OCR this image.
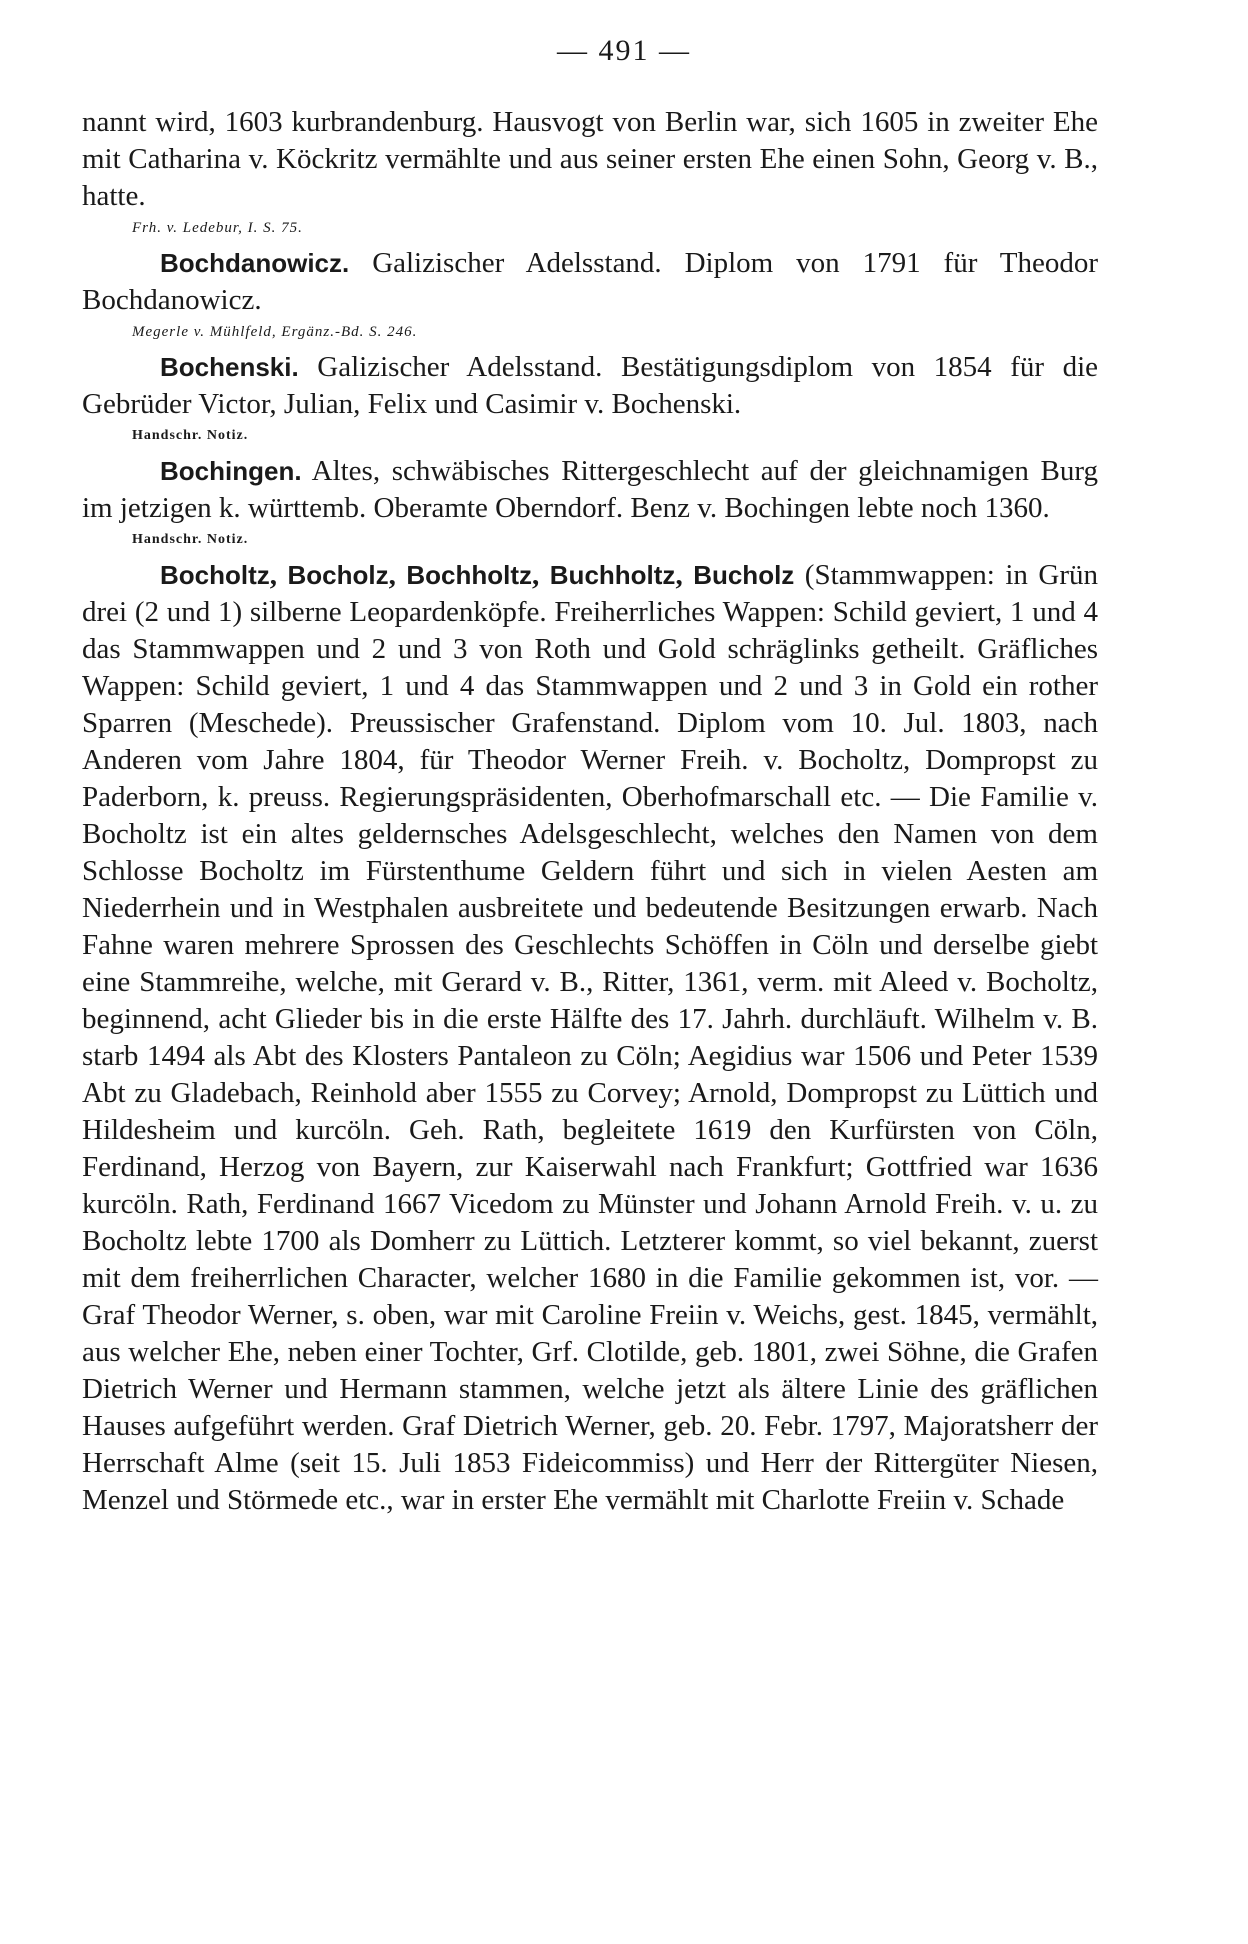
— 491 —

nannt wird, 1603 kurbrandenburg. Hausvogt von Berlin war, sich 1605 in zweiter Ehe mit Catharina v. Köckritz vermählte und aus seiner ersten Ehe einen Sohn, Georg v. B., hatte.

Frh. v. Ledebur, I. S. 75.

Bochdanowicz. Galizischer Adelsstand. Diplom von 1791 für Theodor Bochdanowicz.

Megerle v. Mühlfeld, Ergänz.-Bd. S. 246.

Bochenski. Galizischer Adelsstand. Bestätigungsdiplom von 1854 für die Gebrüder Victor, Julian, Felix und Casimir v. Bochenski.

Handschr. Notiz.

Bochingen. Altes, schwäbisches Rittergeschlecht auf der gleichnamigen Burg im jetzigen k. württemb. Oberamte Oberndorf. Benz v. Bochingen lebte noch 1360.

Handschr. Notiz.

Bocholtz, Bocholz, Bochholtz, Buchholtz, Bucholz (Stammwappen: in Grün drei (2 und 1) silberne Leopardenköpfe. Freiherrliches Wappen: Schild geviert, 1 und 4 das Stammwappen und 2 und 3 von Roth und Gold schräglinks getheilt. Gräfliches Wappen: Schild geviert, 1 und 4 das Stammwappen und 2 und 3 in Gold ein rother Sparren (Meschede). Preussischer Grafenstand. Diplom vom 10. Jul. 1803, nach Anderen vom Jahre 1804, für Theodor Werner Freih. v. Bocholtz, Dompropst zu Paderborn, k. preuss. Regierungspräsidenten, Oberhofmarschall etc. — Die Familie v. Bocholtz ist ein altes geldernsches Adelsgeschlecht, welches den Namen von dem Schlosse Bocholtz im Fürstenthume Geldern führt und sich in vielen Aesten am Niederrhein und in Westphalen ausbreitete und bedeutende Besitzungen erwarb. Nach Fahne waren mehrere Sprossen des Geschlechts Schöffen in Cöln und derselbe giebt eine Stammreihe, welche, mit Gerard v. B., Ritter, 1361, verm. mit Aleed v. Bocholtz, beginnend, acht Glieder bis in die erste Hälfte des 17. Jahrh. durchläuft. Wilhelm v. B. starb 1494 als Abt des Klosters Pantaleon zu Cöln; Aegidius war 1506 und Peter 1539 Abt zu Gladebach, Reinhold aber 1555 zu Corvey; Arnold, Dompropst zu Lüttich und Hildesheim und kurcöln. Geh. Rath, begleitete 1619 den Kurfürsten von Cöln, Ferdinand, Herzog von Bayern, zur Kaiserwahl nach Frankfurt; Gottfried war 1636 kurcöln. Rath, Ferdinand 1667 Vicedom zu Münster und Johann Arnold Freih. v. u. zu Bocholtz lebte 1700 als Domherr zu Lüttich. Letzterer kommt, so viel bekannt, zuerst mit dem freiherrlichen Character, welcher 1680 in die Familie gekommen ist, vor. — Graf Theodor Werner, s. oben, war mit Caroline Freiin v. Weichs, gest. 1845, vermählt, aus welcher Ehe, neben einer Tochter, Grf. Clotilde, geb. 1801, zwei Söhne, die Grafen Dietrich Werner und Hermann stammen, welche jetzt als ältere Linie des gräflichen Hauses aufgeführt werden. Graf Dietrich Werner, geb. 20. Febr. 1797, Majoratsherr der Herrschaft Alme (seit 15. Juli 1853 Fideicommiss) und Herr der Rittergüter Niesen, Menzel und Störmede etc., war in erster Ehe vermählt mit Charlotte Freiin v. Schade
